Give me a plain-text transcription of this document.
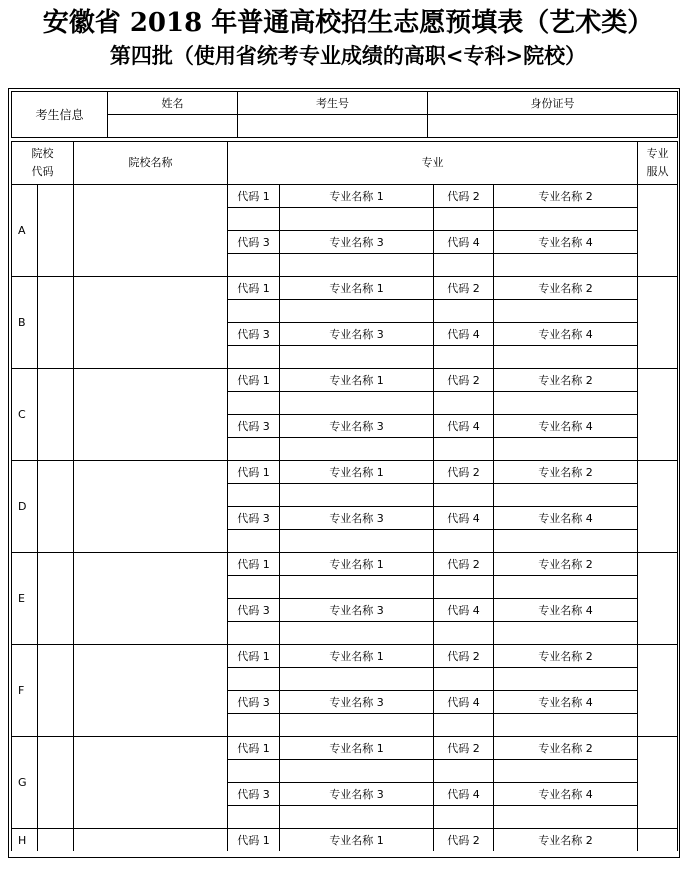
安徽省 2018 年普通高校招生志愿预填表（艺术类）
第四批（使用省统考专业成绩的高职<专科>院校）
考生信息	姓名	考生号	身份证号

院校
代码		院校名称	专业				专业
服从
A			代码 1	专业名称 1	代码 2	专业名称 2	

			代码 3	专业名称 3	代码 4	专业名称 4	

B			代码 1	专业名称 1	代码 2	专业名称 2	

			代码 3	专业名称 3	代码 4	专业名称 4	

C			代码 1	专业名称 1	代码 2	专业名称 2	

			代码 3	专业名称 3	代码 4	专业名称 4	

D			代码 1	专业名称 1	代码 2	专业名称 2	

			代码 3	专业名称 3	代码 4	专业名称 4	

E			代码 1	专业名称 1	代码 2	专业名称 2	

			代码 3	专业名称 3	代码 4	专业名称 4	

F			代码 1	专业名称 1	代码 2	专业名称 2	

			代码 3	专业名称 3	代码 4	专业名称 4	

G			代码 1	专业名称 1	代码 2	专业名称 2	

			代码 3	专业名称 3	代码 4	专业名称 4	

H			代码 1	专业名称 1	代码 2	专业名称 2	
